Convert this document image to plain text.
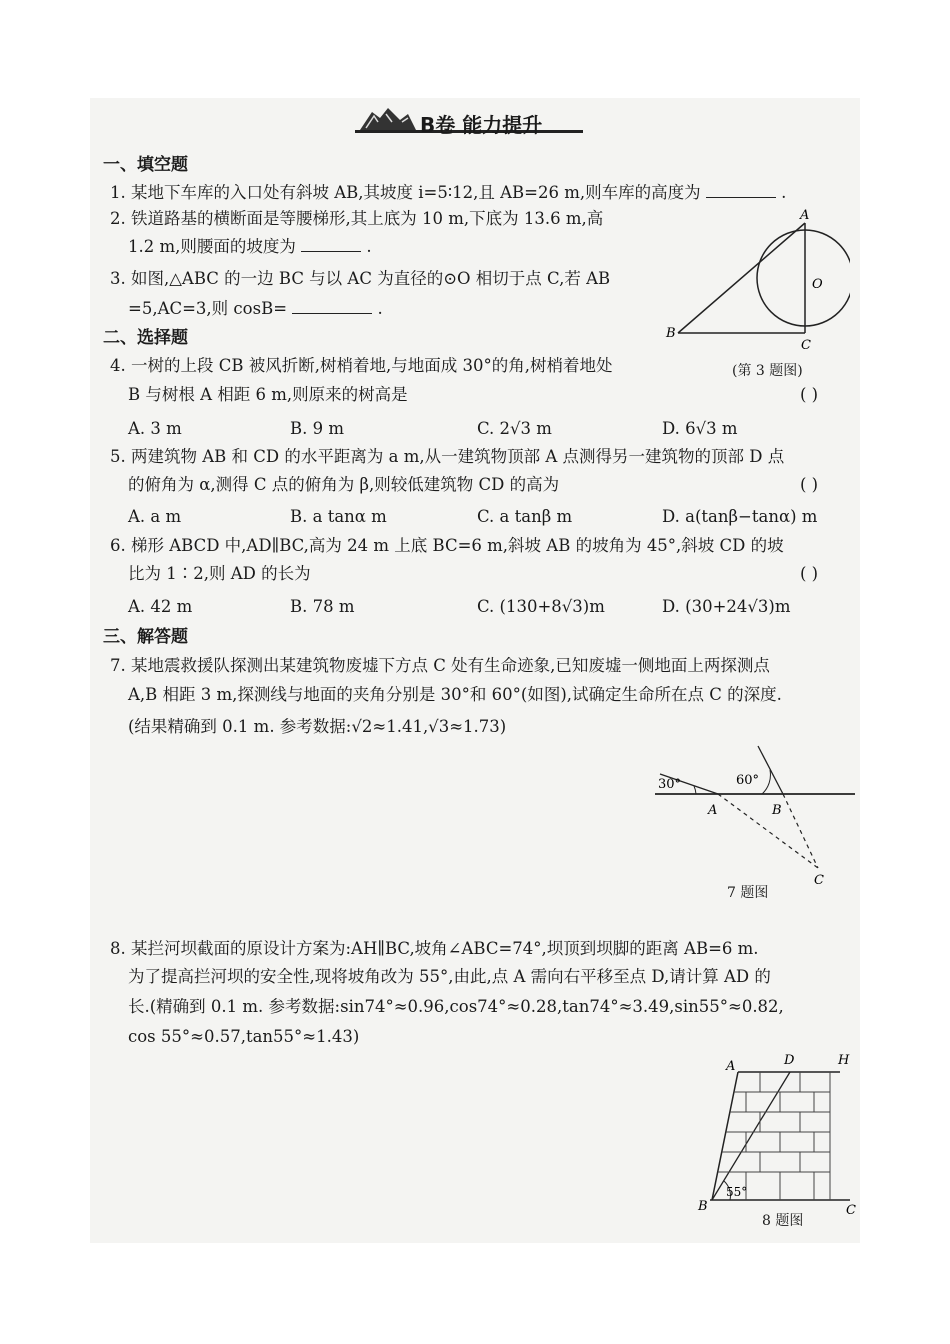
B卷 能力提升
一、填空题
1. 某地下车库的入口处有斜坡 AB,其坡度 i=5∶12,且 AB=26 m,则车库的高度为	.
2. 铁道路基的横断面是等腰梯形,其上底为 10 m,下底为 13.6 m,高
1.2 m,则腰面的坡度为	.
3. 如图,△ABC 的一边 BC 与以 AC 为直径的⊙O 相切于点 C,若 AB
=5,AC=3,则 cosB=	.
A
B
C
O
(第 3 题图)
二、选择题
4. 一树的上段 CB 被风折断,树梢着地,与地面成 30°的角,树梢着地处
B 与树根 A 相距 6 m,则原来的树高是	( )
A. 3 m	B. 9 m	C. 2√3 m	D. 6√3 m
5. 两建筑物 AB 和 CD 的水平距离为 a m,从一建筑物顶部 A 点测得另一建筑物的顶部 D 点
的俯角为 α,测得 C 点的俯角为 β,则较低建筑物 CD 的高为	( )
A. a m	B. a tanα m	C. a tanβ m	D. a(tanβ−tanα) m
6. 梯形 ABCD 中,AD∥BC,高为 24 m 上底 BC=6 m,斜坡 AB 的坡角为 45°,斜坡 CD 的坡
比为 1∶2,则 AD 的长为	( )
A. 42 m	B. 78 m	C. (130+8√3)m	D. (30+24√3)m
三、解答题
7. 某地震救援队探测出某建筑物废墟下方点 C 处有生命迹象,已知废墟一侧地面上两探测点
A,B 相距 3 m,探测线与地面的夹角分别是 30°和 60°(如图),试确定生命所在点 C 的深度.
(结果精确到 0.1 m. 参考数据:√2≈1.41,√3≈1.73)
30°	60°
A	B
C
7 题图
8. 某拦河坝截面的原设计方案为:AH∥BC,坡角∠ABC=74°,坝顶到坝脚的距离 AB=6 m.
为了提高拦河坝的安全性,现将坡角改为 55°,由此,点 A 需向右平移至点 D,请计算 AD 的
长.(精确到 0.1 m. 参考数据:sin74°≈0.96,cos74°≈0.28,tan74°≈3.49,sin55°≈0.82,
cos 55°≈0.57,tan55°≈1.43)
A	D	H
B	C
55°
8 题图
